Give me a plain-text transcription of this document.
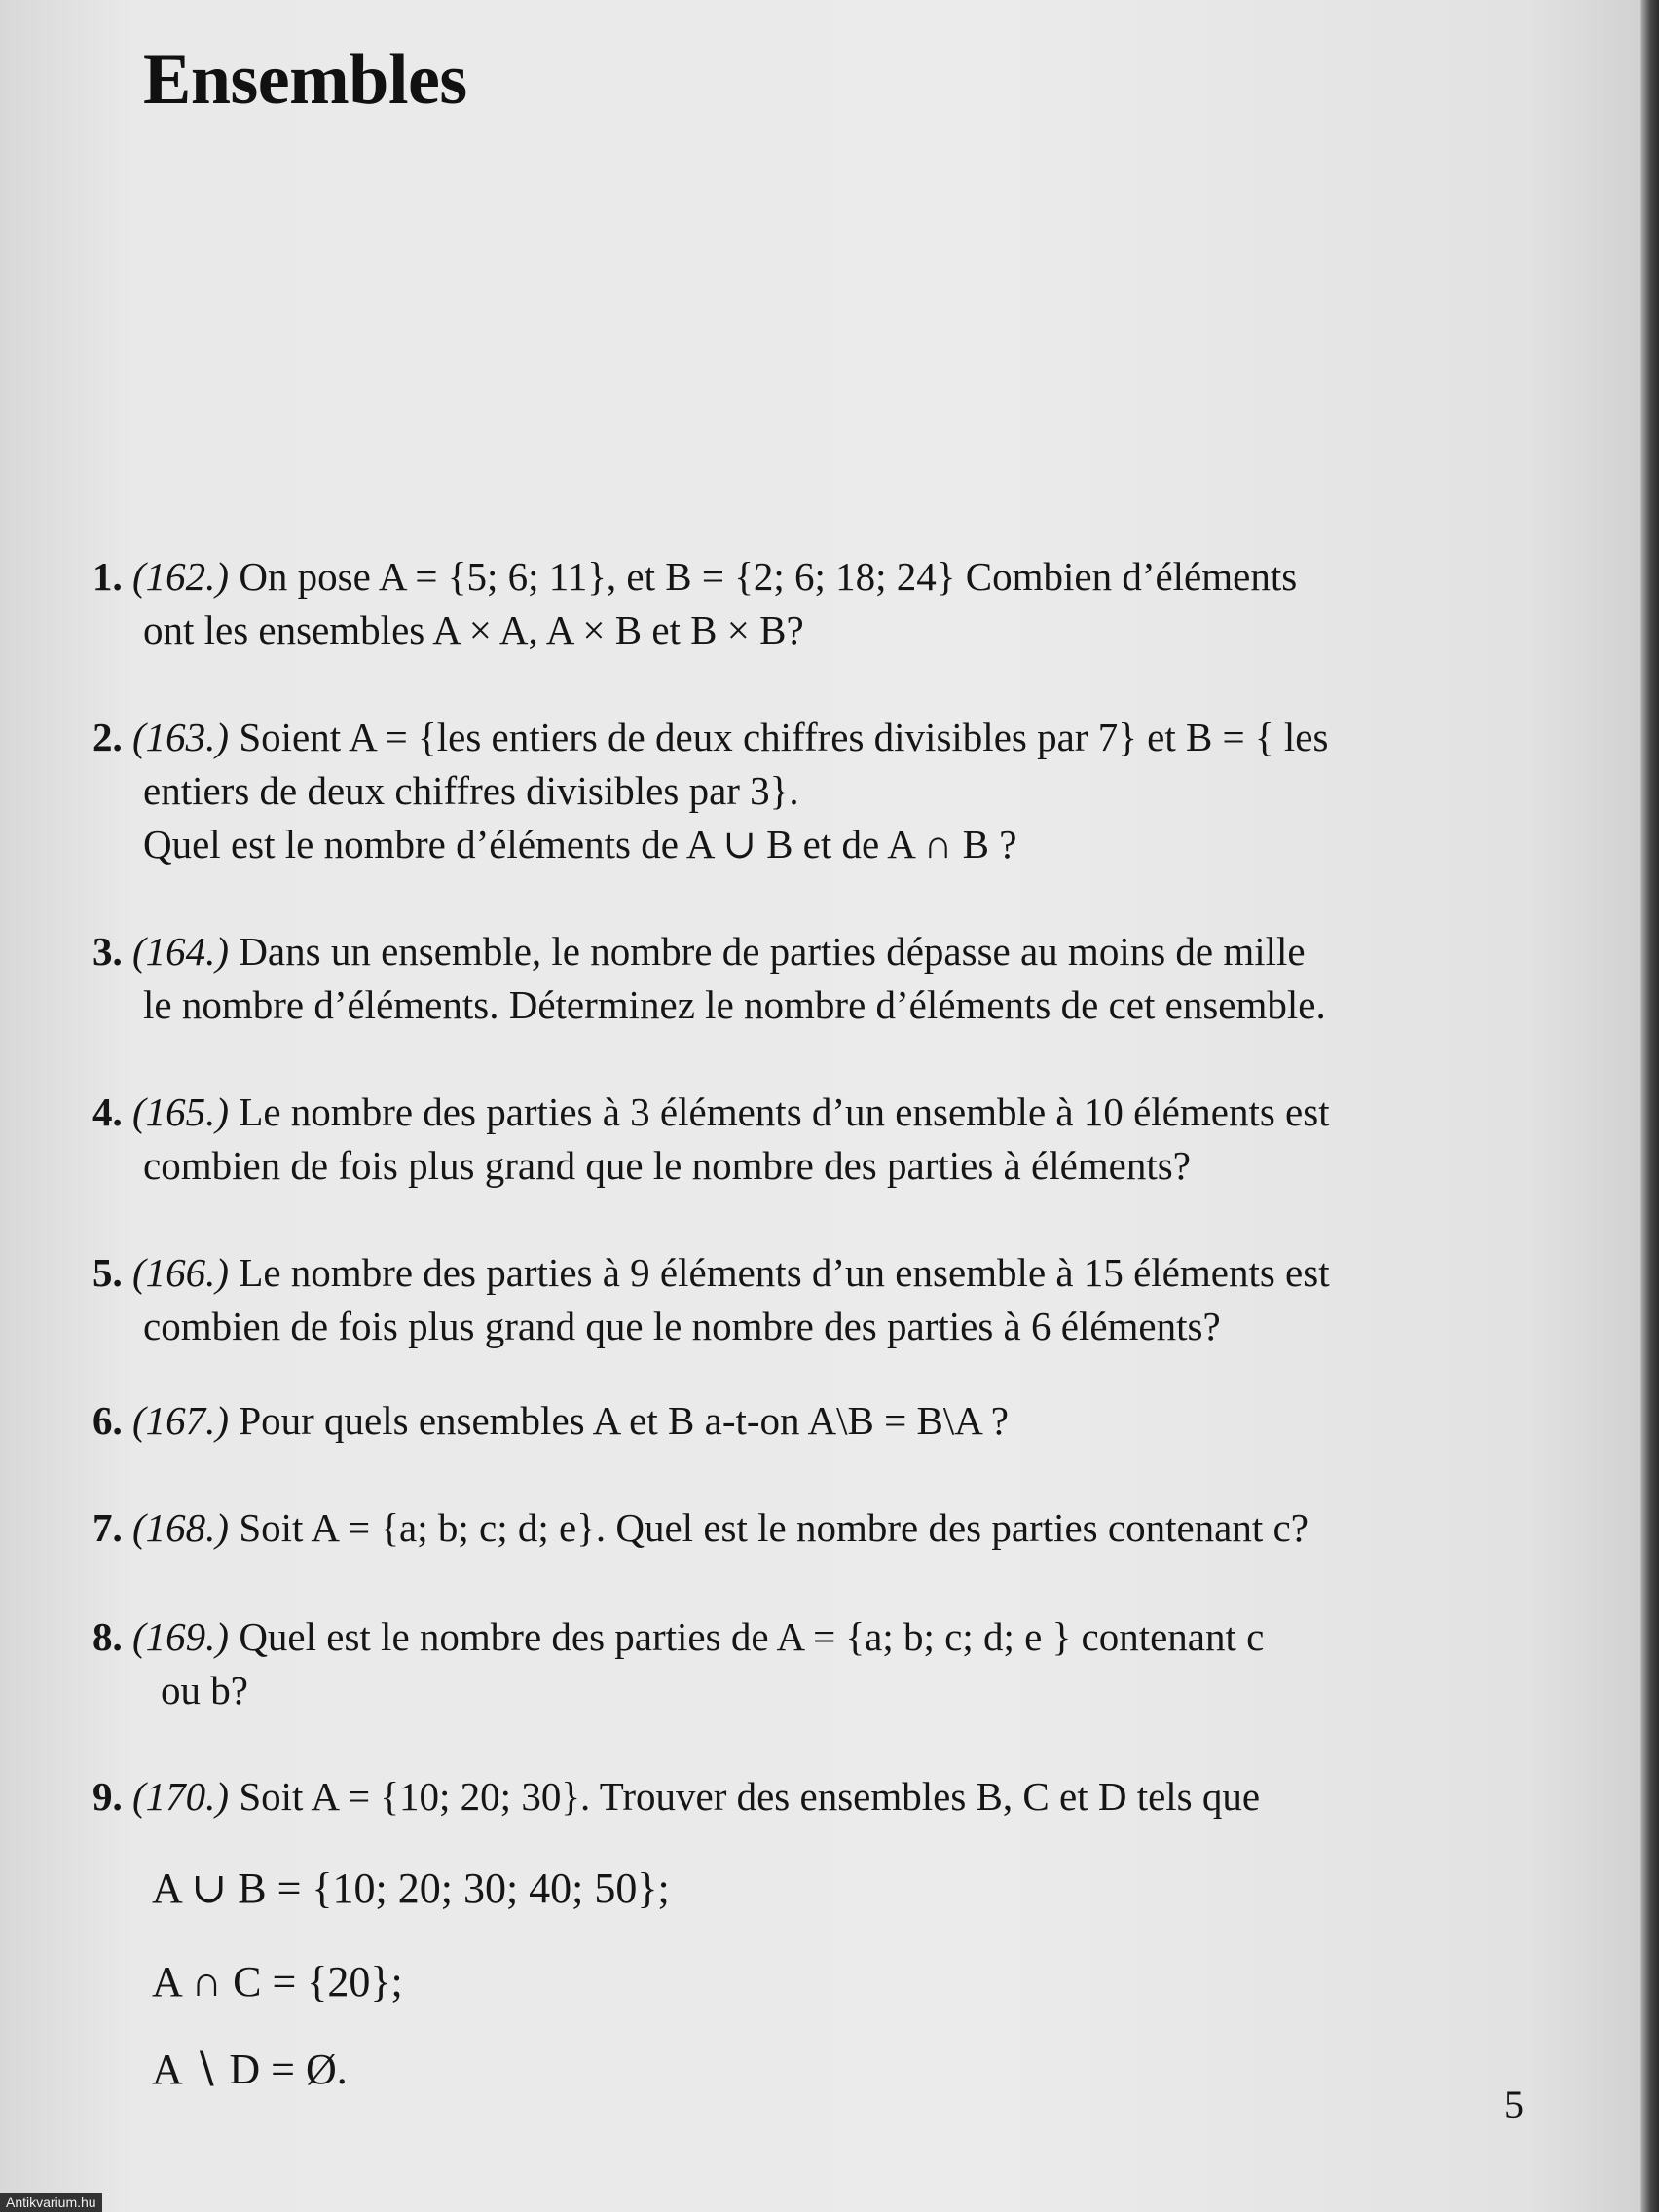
Ensembles
1. (162.) On pose A = {5; 6; 11}, et B = {2; 6; 18; 24} Combien d’éléments
ont les ensembles A × A, A × B et B × B?
2. (163.) Soient A = {les entiers de deux chiffres divisibles par 7} et B = { les
entiers de deux chiffres divisibles par 3}.
Quel est le nombre d’éléments de A ∪ B et de A ∩ B ?
3. (164.) Dans un ensemble, le nombre de parties dépasse au moins de mille
le nombre d’éléments. Déterminez le nombre d’éléments de cet ensemble.
4. (165.) Le nombre des parties à 3 éléments d’un ensemble à 10 éléments est
combien de fois plus grand que le nombre des parties à éléments?
5. (166.) Le nombre des parties à 9 éléments d’un ensemble à 15 éléments est
combien de fois plus grand que le nombre des parties à 6 éléments?
6. (167.) Pour quels ensembles A et B a-t-on A\B = B\A ?
7. (168.) Soit A = {a; b; c; d; e}. Quel est le nombre des parties contenant c?
8. (169.) Quel est le nombre des parties de A = {a; b; c; d; e } contenant c
ou b?
9. (170.) Soit A = {10; 20; 30}. Trouver des ensembles B, C et D tels que
A ∪ B = {10; 20; 30; 40; 50};
A ∩ C = {20};
A ∖ D = Ø.
5
Antikvarium.hu
